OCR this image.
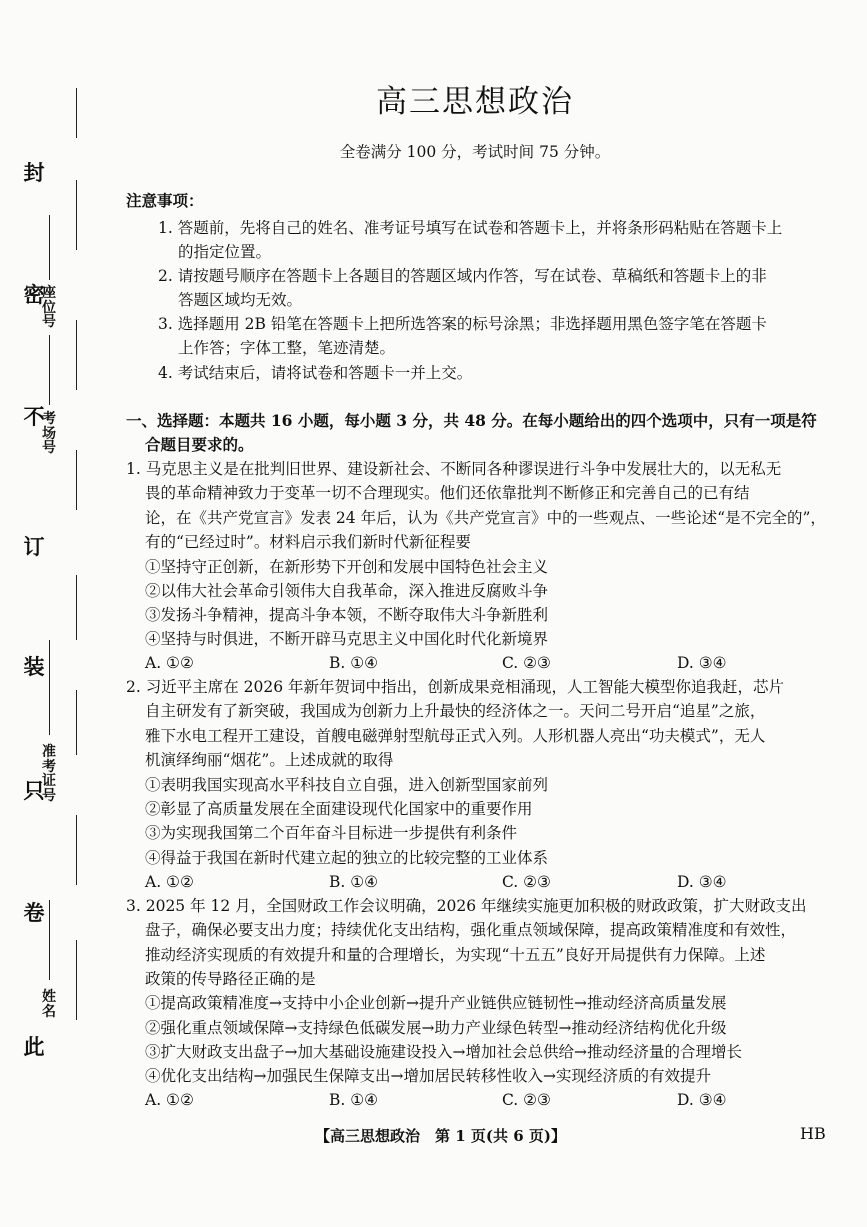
封
密
不
订
装
只
卷
此
座位号
考场号
准考证号
姓名
高三思想政治
全卷满分 100 分，考试时间 75 分钟。
注意事项：
1. 答题前，先将自己的姓名、准考证号填写在试卷和答题卡上，并将条形码粘贴在答题卡上
的指定位置。
2. 请按题号顺序在答题卡上各题目的答题区域内作答，写在试卷、草稿纸和答题卡上的非
答题区域均无效。
3. 选择题用 2B 铅笔在答题卡上把所选答案的标号涂黑；非选择题用黑色签字笔在答题卡
上作答；字体工整，笔迹清楚。
4. 考试结束后，请将试卷和答题卡一并上交。
一、选择题：本题共 16 小题，每小题 3 分，共 48 分。在每小题给出的四个选项中，只有一项是符
合题目要求的。
1. 马克思主义是在批判旧世界、建设新社会、不断同各种谬误进行斗争中发展壮大的，以无私无
畏的革命精神致力于变革一切不合理现实。他们还依靠批判不断修正和完善自己的已有结
论，在《共产党宣言》发表 24 年后，认为《共产党宣言》中的一些观点、一些论述“是不完全的”，
有的“已经过时”。材料启示我们新时代新征程要
①坚持守正创新，在新形势下开创和发展中国特色社会主义
②以伟大社会革命引领伟大自我革命，深入推进反腐败斗争
③发扬斗争精神，提高斗争本领，不断夺取伟大斗争新胜利
④坚持与时俱进，不断开辟马克思主义中国化时代化新境界
A. ①②	B. ①④	C. ②③	D. ③④
2. 习近平主席在 2026 年新年贺词中指出，创新成果竞相涌现，人工智能大模型你追我赶，芯片
自主研发有了新突破，我国成为创新力上升最快的经济体之一。天问二号开启“追星”之旅，
雅下水电工程开工建设，首艘电磁弹射型航母正式入列。人形机器人亮出“功夫模式”，无人
机演绎绚丽“烟花”。上述成就的取得
①表明我国实现高水平科技自立自强，进入创新型国家前列
②彰显了高质量发展在全面建设现代化国家中的重要作用
③为实现我国第二个百年奋斗目标进一步提供有利条件
④得益于我国在新时代建立起的独立的比较完整的工业体系
A. ①②	B. ①④	C. ②③	D. ③④
3. 2025 年 12 月，全国财政工作会议明确，2026 年继续实施更加积极的财政政策，扩大财政支出
盘子，确保必要支出力度；持续优化支出结构，强化重点领域保障，提高政策精准度和有效性，
推动经济实现质的有效提升和量的合理增长，为实现“十五五”良好开局提供有力保障。上述
政策的传导路径正确的是
①提高政策精准度→支持中小企业创新→提升产业链供应链韧性→推动经济高质量发展
②强化重点领域保障→支持绿色低碳发展→助力产业绿色转型→推动经济结构优化升级
③扩大财政支出盘子→加大基础设施建设投入→增加社会总供给→推动经济量的合理增长
④优化支出结构→加强民生保障支出→增加居民转移性收入→实现经济质的有效提升
A. ①②	B. ①④	C. ②③	D. ③④
【高三思想政治　第 1 页(共 6 页)】	HB
